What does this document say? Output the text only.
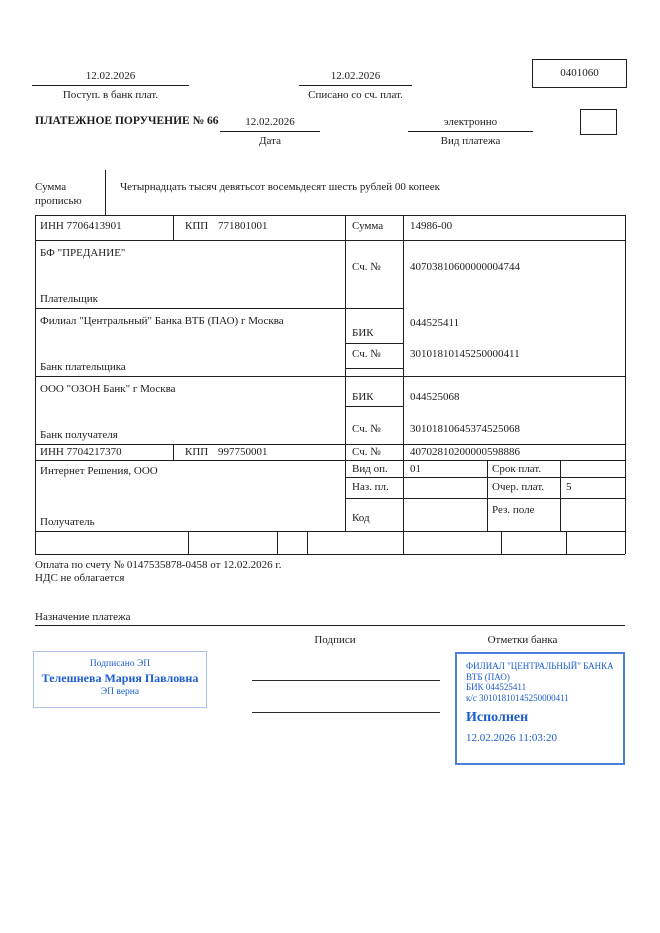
12.02.2026
Поступ. в банк плат.
12.02.2026
Списано со сч. плат.
0401060
ПЛАТЕЖНОЕ ПОРУЧЕНИЕ № 66	12.02.2026
Дата
электронно
Вид платежа
Сумма прописью
Четырнадцать тысяч девятьсот восемьдесят шесть рублей 00 копеек
ИНН 7706413901	КПП 771801001	Сумма 14986-00
БФ "ПРЕДАНИЕ"
Сч. №	40703810600000004744
Плательщик
Филиал "Центральный" Банка ВТБ (ПАО) г Москва
БИК
044525411
Сч. №	30101810145250000411
Банк плательщика
ООО "ОЗОН Банк" г Москва
БИК	044525068
Сч. №	30101810645374525068
Банк получателя
ИНН 7704217370	КПП 997750001	Сч. №	40702810200000598886
Интернет Решения, ООО	Вид оп. 01	Срок плат.
Наз. пл.	Очер. плат. 5
Код
Рез. поле
Получатель
Оплата по счету № 0147535878-0458 от 12.02.2026 г.
НДС не облагается
Назначение платежа
Подписи	Отметки банка
Подписано ЭП
Телешнева Мария Павловна
ЭП верна
ФИЛИАЛ "ЦЕНТРАЛЬНЫЙ" БАНКА
ВТБ (ПАО)
БИК 044525411
к/с 30101810145250000411
Исполнен
12.02.2026 11:03:20
